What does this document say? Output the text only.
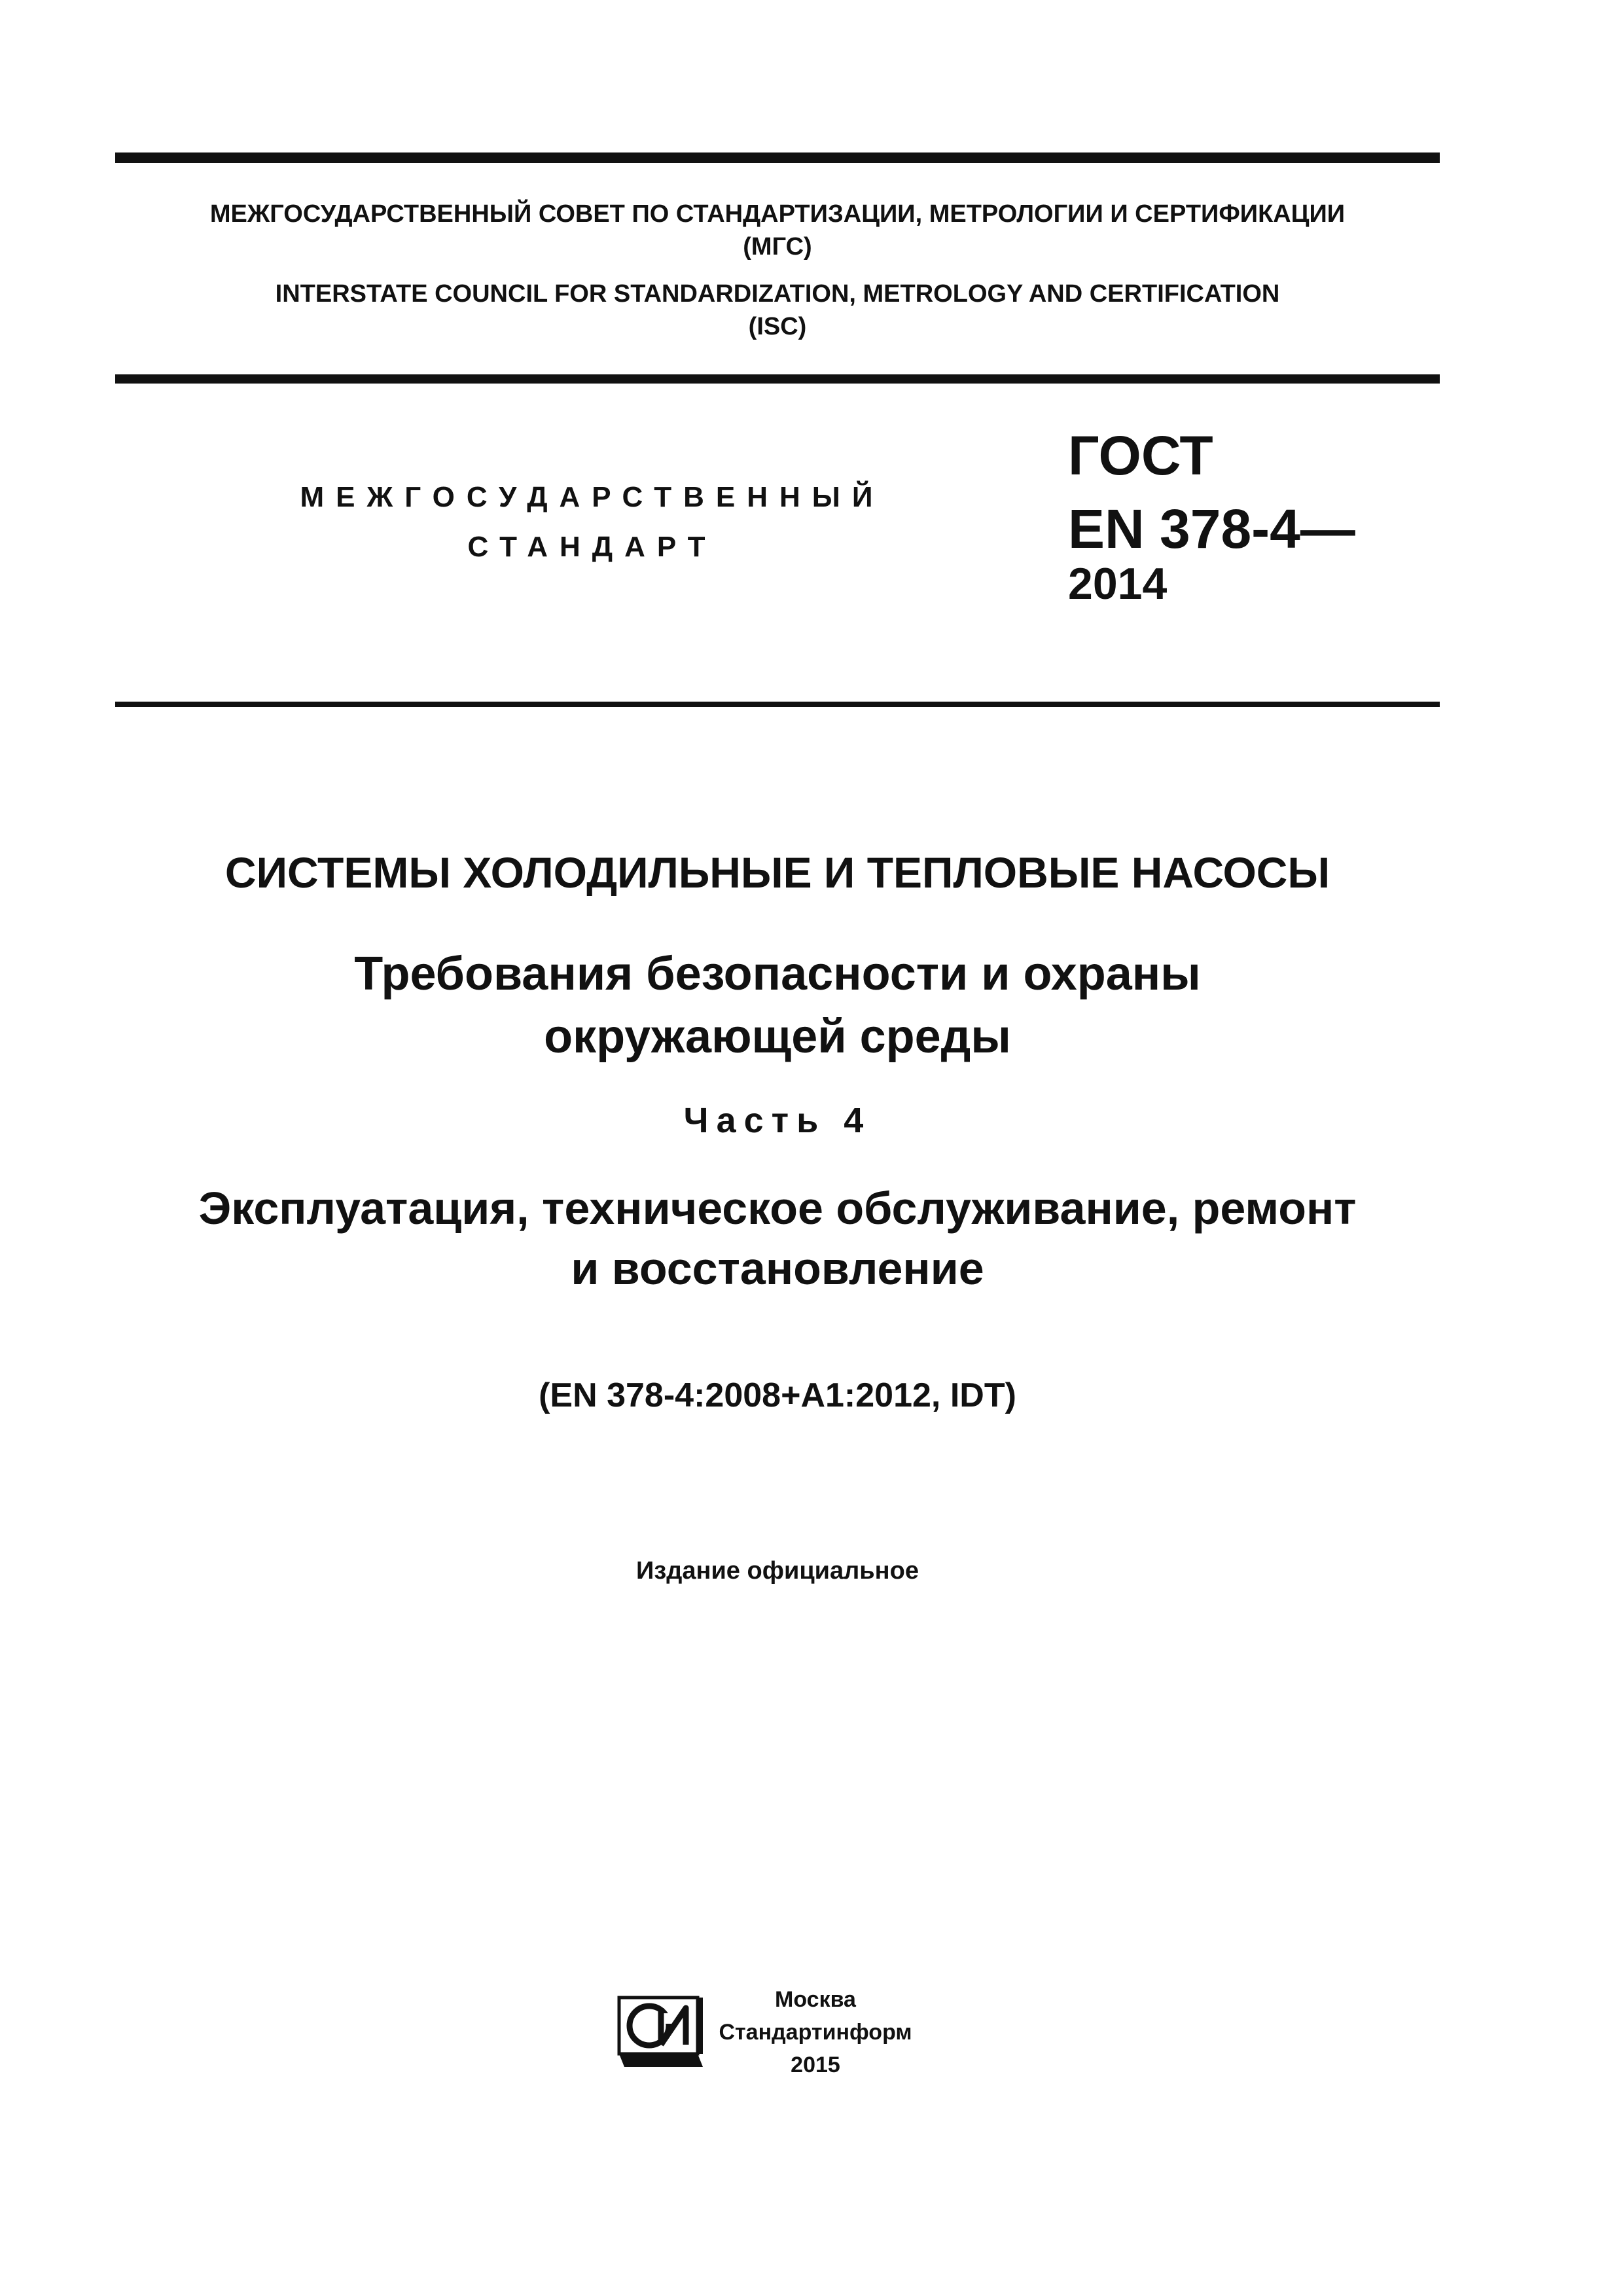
МЕЖГОСУДАРСТВЕННЫЙ СОВЕТ ПО СТАНДАРТИЗАЦИИ, МЕТРОЛОГИИ И СЕРТИФИКАЦИИ
(МГС)
INTERSTATE COUNCIL FOR STANDARDIZATION, METROLOGY AND CERTIFICATION
(ISC)
МЕЖГОСУДАРСТВЕННЫЙ
СТАНДАРТ
ГОСТ
EN 378-4—
2014
СИСТЕМЫ ХОЛОДИЛЬНЫЕ И ТЕПЛОВЫЕ НАСОСЫ
Требования безопасности и охраны
окружающей среды
Часть 4
Эксплуатация, техническое обслуживание, ремонт
и восстановление
(EN 378-4:2008+A1:2012, IDT)
Издание официальное
Москва
Стандартинформ
2015
